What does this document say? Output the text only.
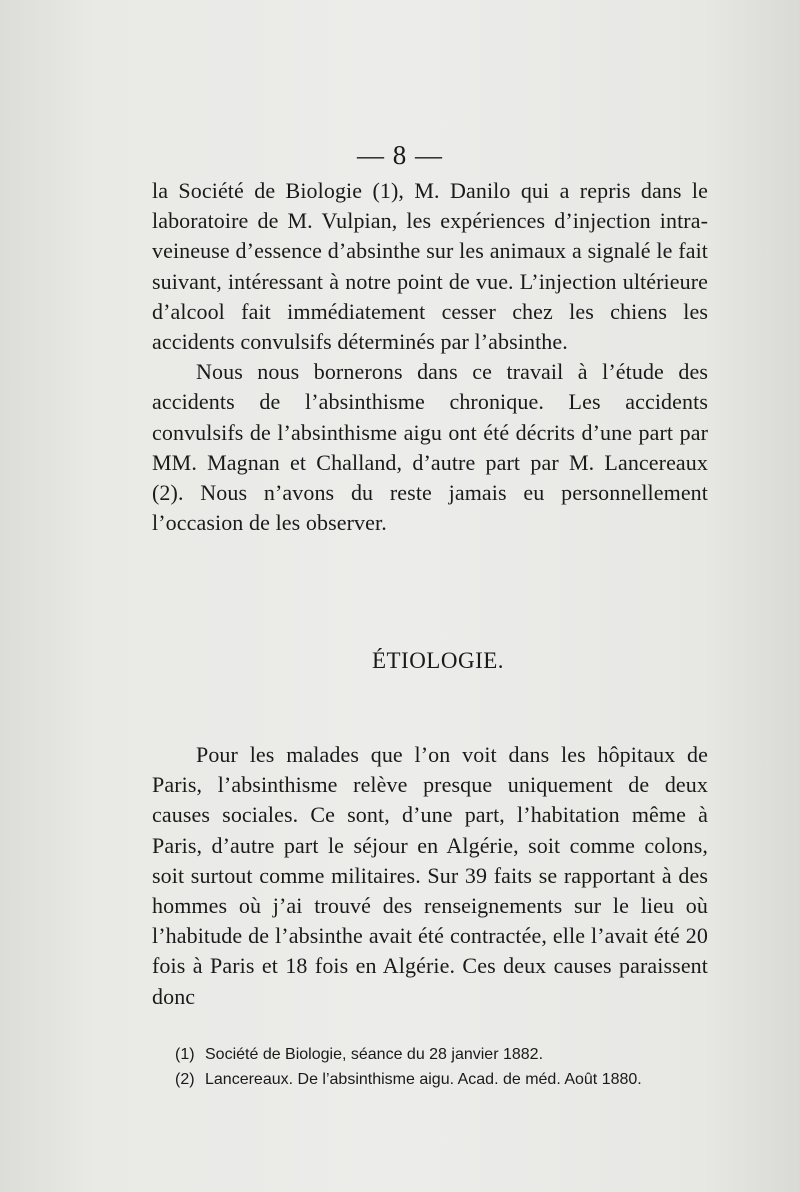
— 8 —

la Société de Biologie (1), M. Danilo qui a repris dans le laboratoire de M. Vulpian, les expériences d’injection intra-veineuse d’essence d’absinthe sur les animaux a signalé le fait suivant, intéressant à notre point de vue. L’injection ultérieure d’alcool fait immédiatement cesser chez les chiens les accidents convulsifs déterminés par l’absinthe.

Nous nous bornerons dans ce travail à l’étude des accidents de l’absinthisme chronique. Les accidents convulsifs de l’absinthisme aigu ont été décrits d’une part par MM. Magnan et Challand, d’autre part par M. Lancereaux (2). Nous n’avons du reste jamais eu personnellement l’occasion de les observer.

ÉTIOLOGIE.

Pour les malades que l’on voit dans les hôpitaux de Paris, l’absinthisme relève presque uniquement de deux causes sociales. Ce sont, d’une part, l’habitation même à Paris, d’autre part le séjour en Algérie, soit comme colons, soit surtout comme militaires. Sur 39 faits se rapportant à des hommes où j’ai trouvé des renseignements sur le lieu où l’habitude de l’absinthe avait été contractée, elle l’avait été 20 fois à Paris et 18 fois en Algérie. Ces deux causes paraissent donc

(1) Société de Biologie, séance du 28 janvier 1882.

(2) Lancereaux. De l’absinthisme aigu. Acad. de méd. Août 1880.
